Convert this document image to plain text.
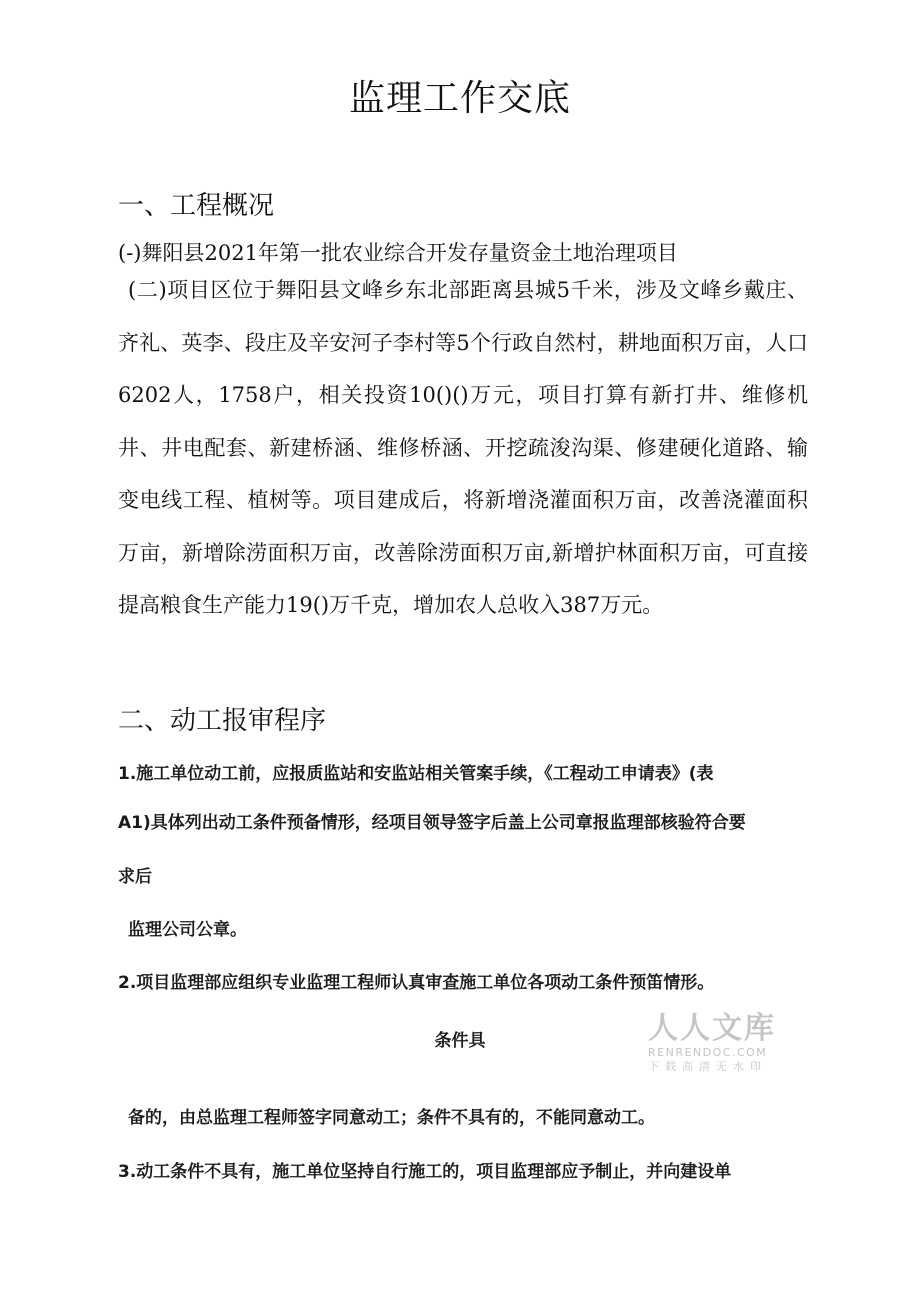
监理工作交底
一、工程概况
(-)舞阳县2021年第一批农业综合开发存量资金土地治理项目

(二)项目区位于舞阳县文峰乡东北部距离县城5千米，涉及文峰乡戴庄、齐礼、英李、段庄及辛安河子李村等5个行政自然村，耕地面积万亩，人口6202人，1758户，相关投资10()()万元，项目打算有新打井、维修机井、井电配套、新建桥涵、维修桥涵、开挖疏浚沟渠、修建硬化道路、输变电线工程、植树等。项目建成后，将新增浇灌面积万亩，改善浇灌面积万亩，新增除涝面积万亩，改善除涝面积万亩,新增护林面积万亩，可直接提高粮食生产能力19()万千克，增加农人总收入387万元。

二、动工报审程序
1.施工单位动工前，应报质监站和安监站相关管案手续，《工程动工申请表》(表
A1)具体列出动工条件预备情形，经项目领导签字后盖上公司章报监理部核验符合要
求后
监理公司公章。
2.项目监理部应组织专业监理工程师认真审查施工单位各项动工条件预笛情形。
条件具
备的，由总监理工程师签字同意动工；条件不具有的，不能同意动工。
3.动工条件不具有，施工单位坚持自行施工的，项目监理部应予制止，并向建设单
人人文库
RENRENDOC.COM
下载高清无水印
